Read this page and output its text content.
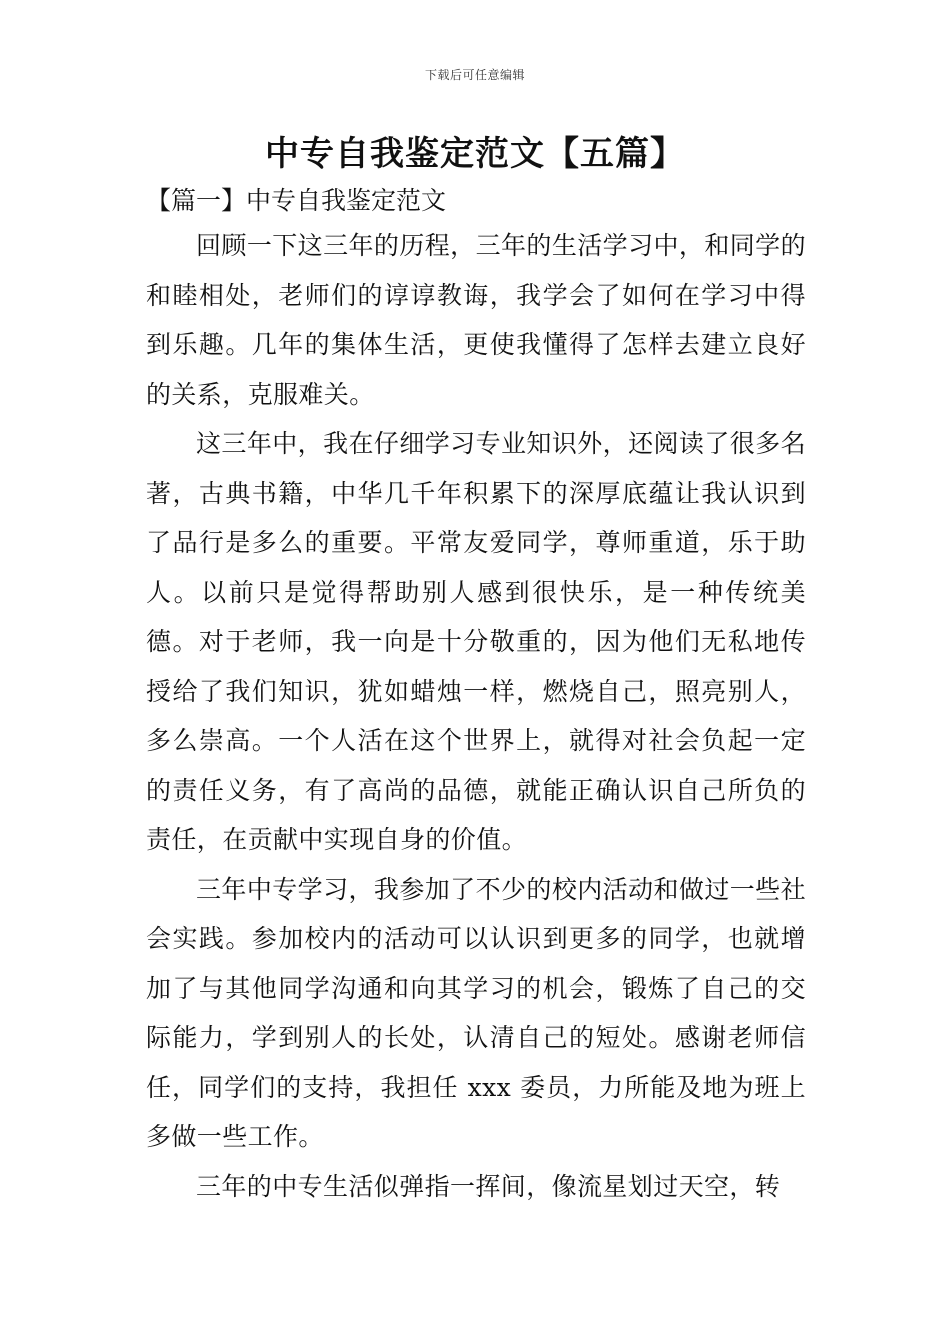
下载后可任意编辑
中专自我鉴定范文【五篇】
【篇一】中专自我鉴定范文

回顾一下这三年的历程，三年的生活学习中，和同学的和睦相处，老师们的谆谆教诲，我学会了如何在学习中得到乐趣。几年的集体生活，更使我懂得了怎样去建立良好的关系，克服难关。

这三年中，我在仔细学习专业知识外，还阅读了很多名著，古典书籍，中华几千年积累下的深厚底蕴让我认识到了品行是多么的重要。平常友爱同学，尊师重道，乐于助人。以前只是觉得帮助别人感到很快乐，是一种传统美德。对于老师，我一向是十分敬重的，因为他们无私地传授给了我们知识，犹如蜡烛一样，燃烧自己，照亮别人，多么崇高。一个人活在这个世界上，就得对社会负起一定的责任义务，有了高尚的品德，就能正确认识自己所负的责任，在贡献中实现自身的价值。

三年中专学习，我参加了不少的校内活动和做过一些社会实践。参加校内的活动可以认识到更多的同学，也就增加了与其他同学沟通和向其学习的机会，锻炼了自己的交际能力，学到别人的长处，认清自己的短处。感谢老师信任，同学们的支持，我担任 xxx 委员，力所能及地为班上多做一些工作。

三年的中专生活似弹指一挥间，像流星划过天空，转
